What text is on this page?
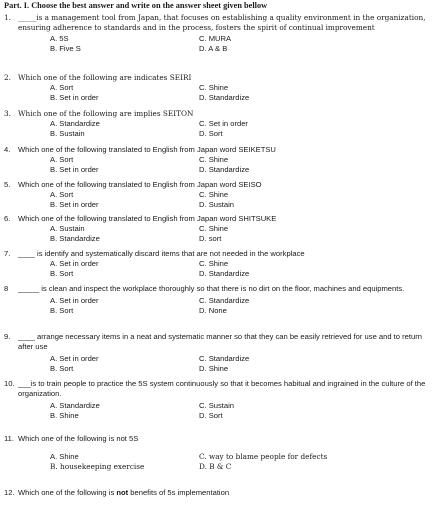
Part. I. Choose the best answer and write on the answer sheet given bellow
1. _____is a management tool from Japan, that focuses on establishing a quality environment in the organization, ensuring adherence to standards and in the process, fosters the spirit of continual improvement
A. 5S	C. MURA
B. Five S	D. A & B
2. Which one of the following are indicates SEIRI
A. Sort	C. Shine
B. Set in order	D. Standardize
3. Which one of the following are implies SEITON
A. Standardize	C. Set in order
B. Sustain	D. Sort
4.	Which one of the following translated to English from Japan word SEIKETSU
A. Sort	C. Shine
B. Set in order	D. Standardize
5.	Which one of the following translated to English from Japan word SEISO
A. Sort	C. Shine
B. Set in order	D. Sustain
6.	Which one of the following translated to English from Japan word SHITSUKE
A. Sustain	C. Shine
B. Standardize	D. sort
7.	____ is identify and systematically discard items that are not needed in the workplace
A. Set in order	C. Shine
B. Sort	D. Standardize
8	_____ is clean and inspect the workplace thoroughly so that there is no dirt on the floor, machines and equipments.
A. Set in order	C. Standardize
B. Sort	D. None
9.	____ arrange necessary items in a neat and systematic manner so that they can be easily retrieved for use and to return after use
A. Set in order	C. Standardize
B. Sort	D. Shine
10. ___is to train people to practice the 5S system continuously so that it becomes habitual and ingrained in the culture of the organization.
A. Standardize	C. Sustain
B. Shine	D. Sort
11. Which one of the following is not 5S
A. Shine	C. way to blame people for defects
B. housekeeping exercise	D. B & C
12. Which one of the following is not benefits of 5s implementation
